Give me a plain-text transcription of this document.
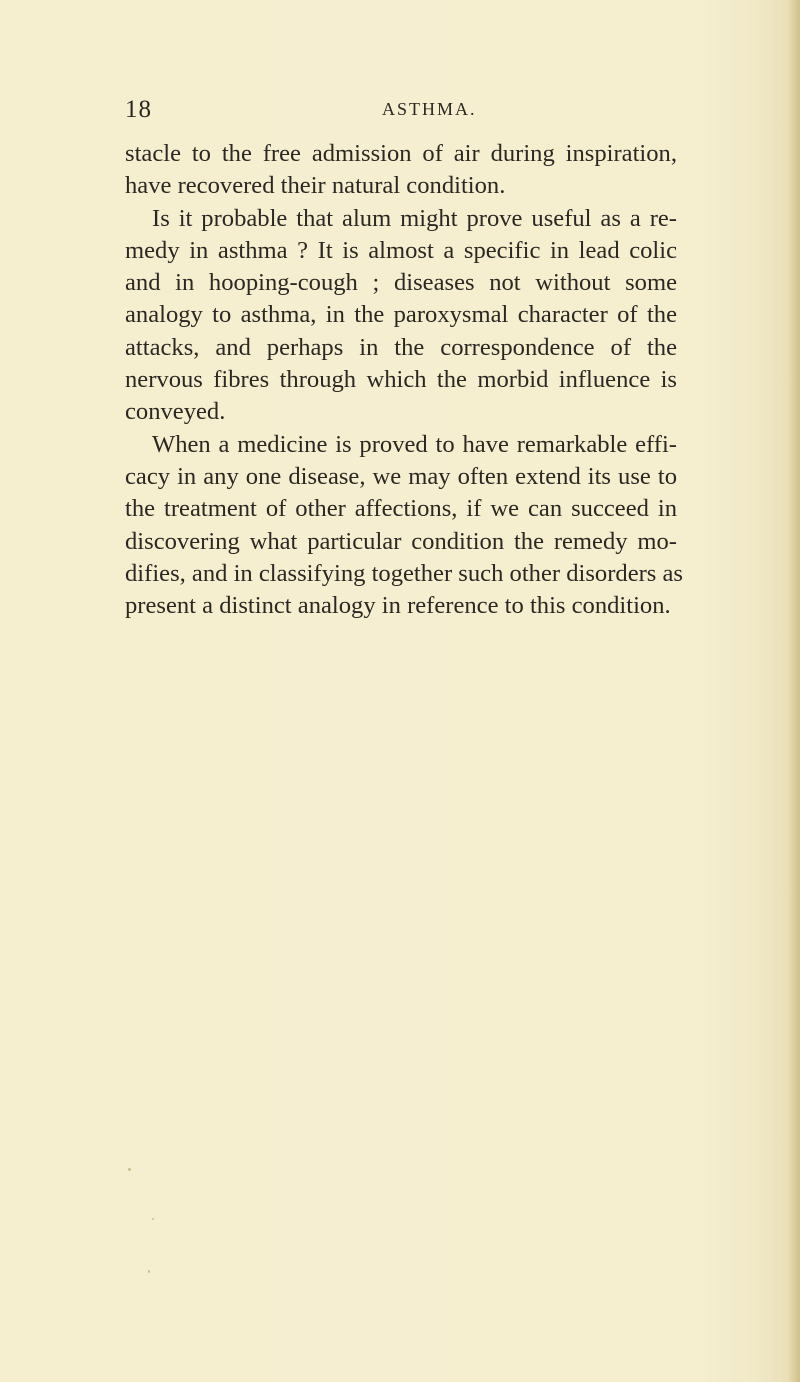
18	ASTHMA.
stacle to the free admission of air during inspiration,
have recovered their natural condition.
Is it probable that alum might prove useful as a re-
medy in asthma ? It is almost a specific in lead colic
and in hooping-cough ; diseases not without some
analogy to asthma, in the paroxysmal character of the
attacks, and perhaps in the correspondence of the
nervous fibres through which the morbid influence is
conveyed.
When a medicine is proved to have remarkable effi-
cacy in any one disease, we may often extend its use to
the treatment of other affections, if we can succeed in
discovering what particular condition the remedy mo-
difies, and in classifying together such other disorders as
present a distinct analogy in reference to this condition.
